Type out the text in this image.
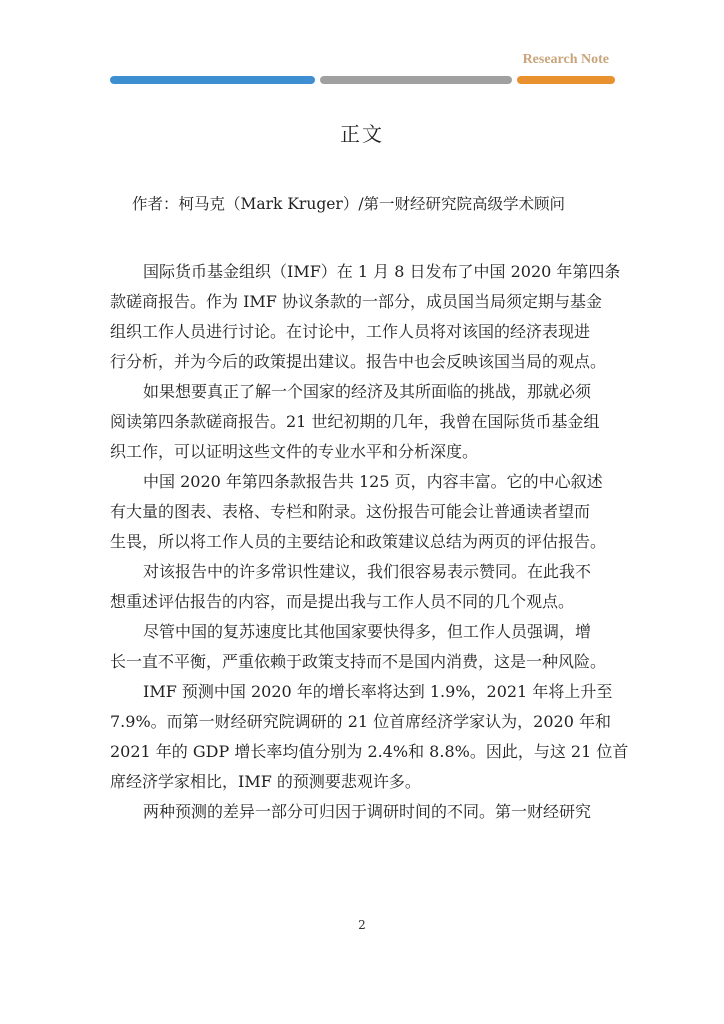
Research Note
正文
作者：柯马克（Mark Kruger）/第一财经研究院高级学术顾问
国际货币基金组织（IMF）在 1 月 8 日发布了中国 2020 年第四条
款磋商报告。作为 IMF 协议条款的一部分，成员国当局须定期与基金
组织工作人员进行讨论。在讨论中，工作人员将对该国的经济表现进
行分析，并为今后的政策提出建议。报告中也会反映该国当局的观点。
如果想要真正了解一个国家的经济及其所面临的挑战，那就必须
阅读第四条款磋商报告。21 世纪初期的几年，我曾在国际货币基金组
织工作，可以证明这些文件的专业水平和分析深度。
中国 2020 年第四条款报告共 125 页，内容丰富。它的中心叙述
有大量的图表、表格、专栏和附录。这份报告可能会让普通读者望而
生畏，所以将工作人员的主要结论和政策建议总结为两页的评估报告。
对该报告中的许多常识性建议，我们很容易表示赞同。在此我不
想重述评估报告的内容，而是提出我与工作人员不同的几个观点。
尽管中国的复苏速度比其他国家要快得多，但工作人员强调，增
长一直不平衡，严重依赖于政策支持而不是国内消费，这是一种风险。
IMF 预测中国 2020 年的增长率将达到 1.9%，2021 年将上升至
7.9%。而第一财经研究院调研的 21 位首席经济学家认为，2020 年和
2021 年的 GDP 增长率均值分别为 2.4%和 8.8%。因此，与这 21 位首
席经济学家相比，IMF 的预测要悲观许多。
两种预测的差异一部分可归因于调研时间的不同。第一财经研究
2
